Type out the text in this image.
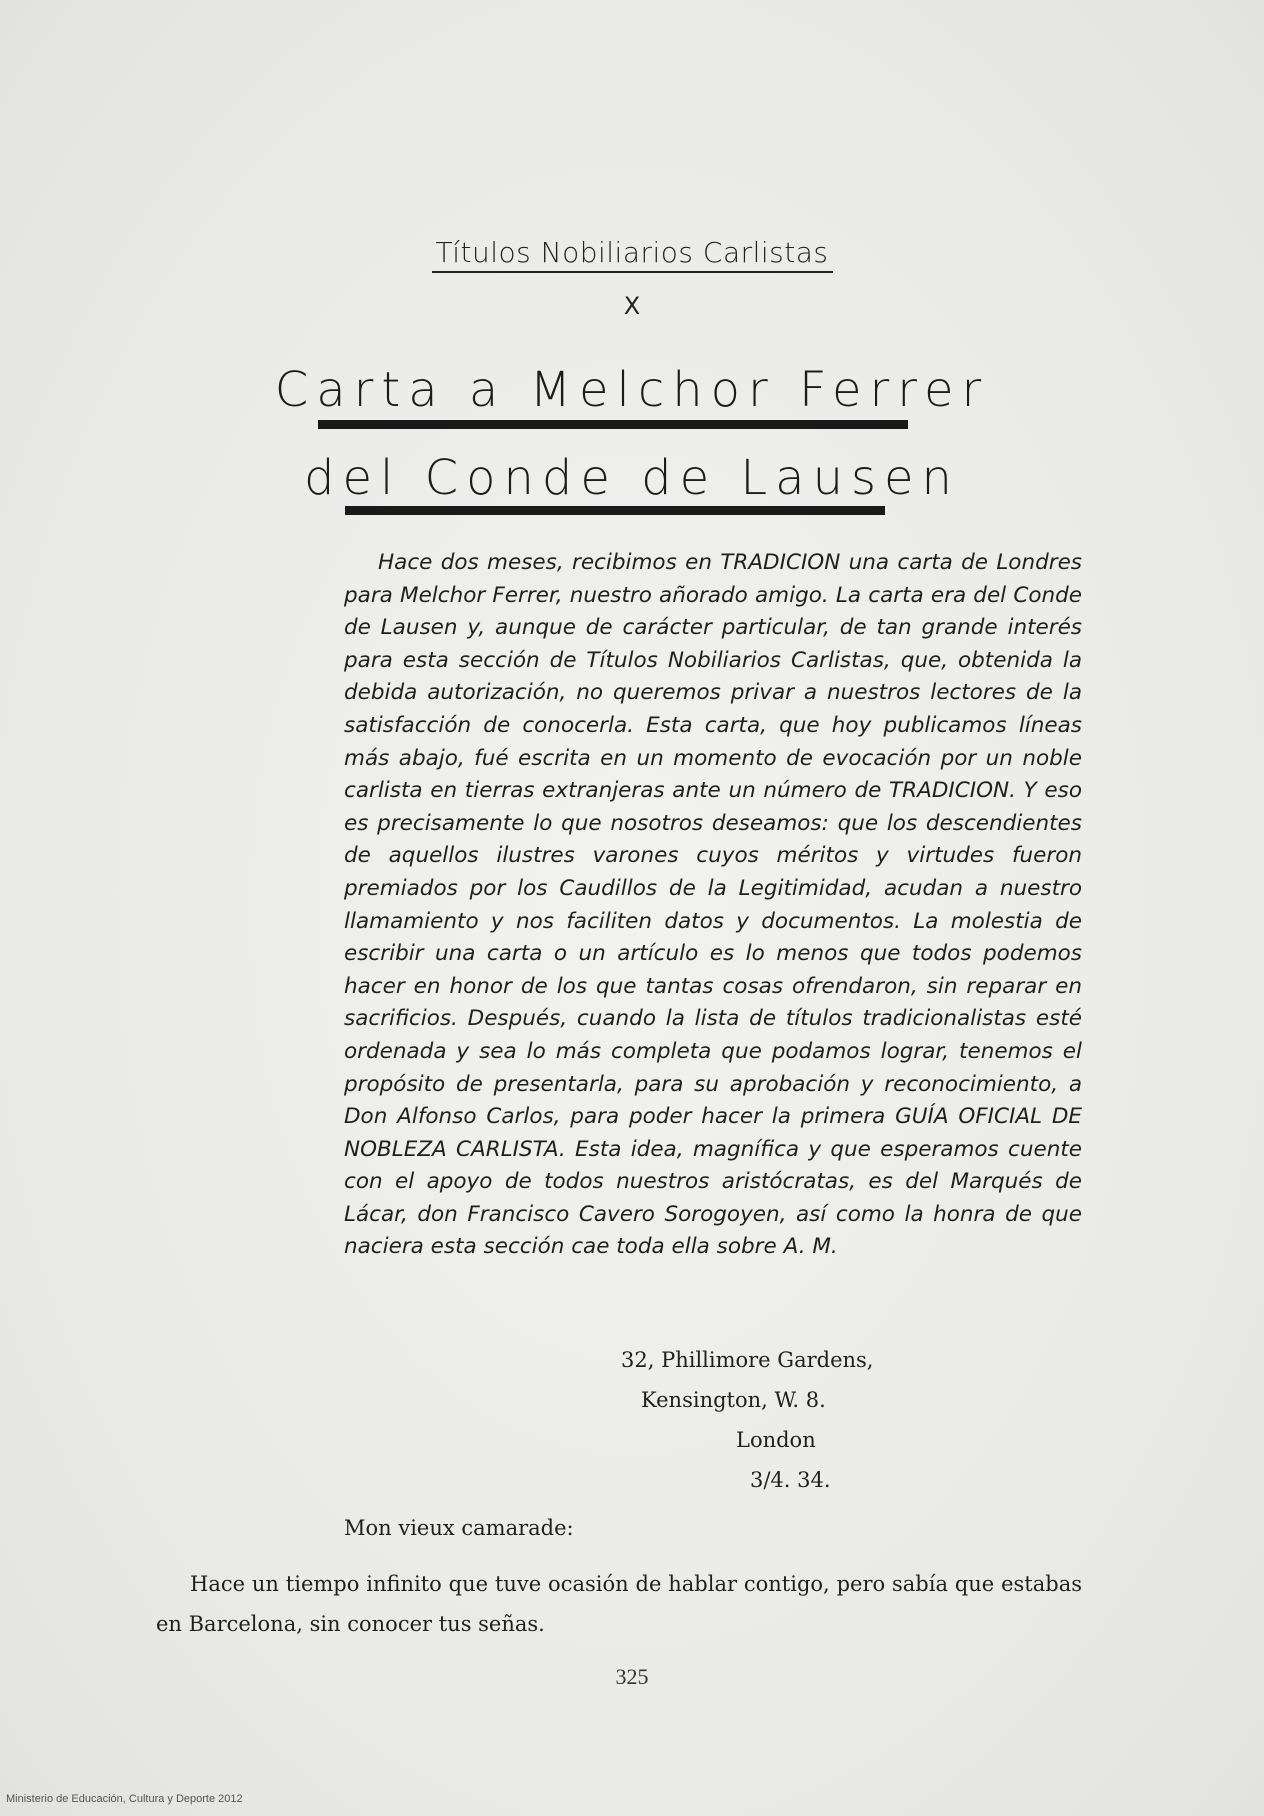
Títulos Nobiliarios Carlistas
X
Carta a Melchor Ferrer
del Conde de Lausen
Hace dos meses, recibimos en TRADICION una carta de Londres para Melchor Ferrer, nuestro añorado amigo. La carta era del Conde de Lausen y, aunque de carácter particular, de tan grande interés para esta sección de Títulos Nobiliarios Carlistas, que, obtenida la debida autorización, no queremos privar a nuestros lectores de la satisfacción de conocerla. Esta carta, que hoy publicamos líneas más abajo, fué escrita en un momento de evocación por un noble carlista en tierras extranjeras ante un número de TRADICION. Y eso es precisamente lo que nosotros deseamos: que los descendientes de aquellos ilustres varones cuyos méritos y virtudes fueron premiados por los Caudillos de la Legitimidad, acudan a nuestro llamamiento y nos faciliten datos y documentos. La molestia de escribir una carta o un artículo es lo menos que todos podemos hacer en honor de los que tantas cosas ofrendaron, sin reparar en sacrificios. Después, cuando la lista de títulos tradicionalistas esté ordenada y sea lo más completa que podamos lograr, tenemos el propósito de presentarla, para su aprobación y reconocimiento, a Don Alfonso Carlos, para poder hacer la primera GUÍA OFICIAL DE NOBLEZA CARLISTA. Esta idea, magnífica y que esperamos cuente con el apoyo de todos nuestros aristócratas, es del Marqués de Lácar, don Francisco Cavero Sorogoyen, así como la honra de que naciera esta sección cae toda ella sobre A. M.
32, Phillimore Gardens,
Kensington, W. 8.
London
3/4. 34.
Mon vieux camarade:
Hace un tiempo infinito que tuve ocasión de hablar contigo, pero sabía que estabas en Barcelona, sin conocer tus señas.
325
Ministerio de Educación, Cultura y Deporte 2012
